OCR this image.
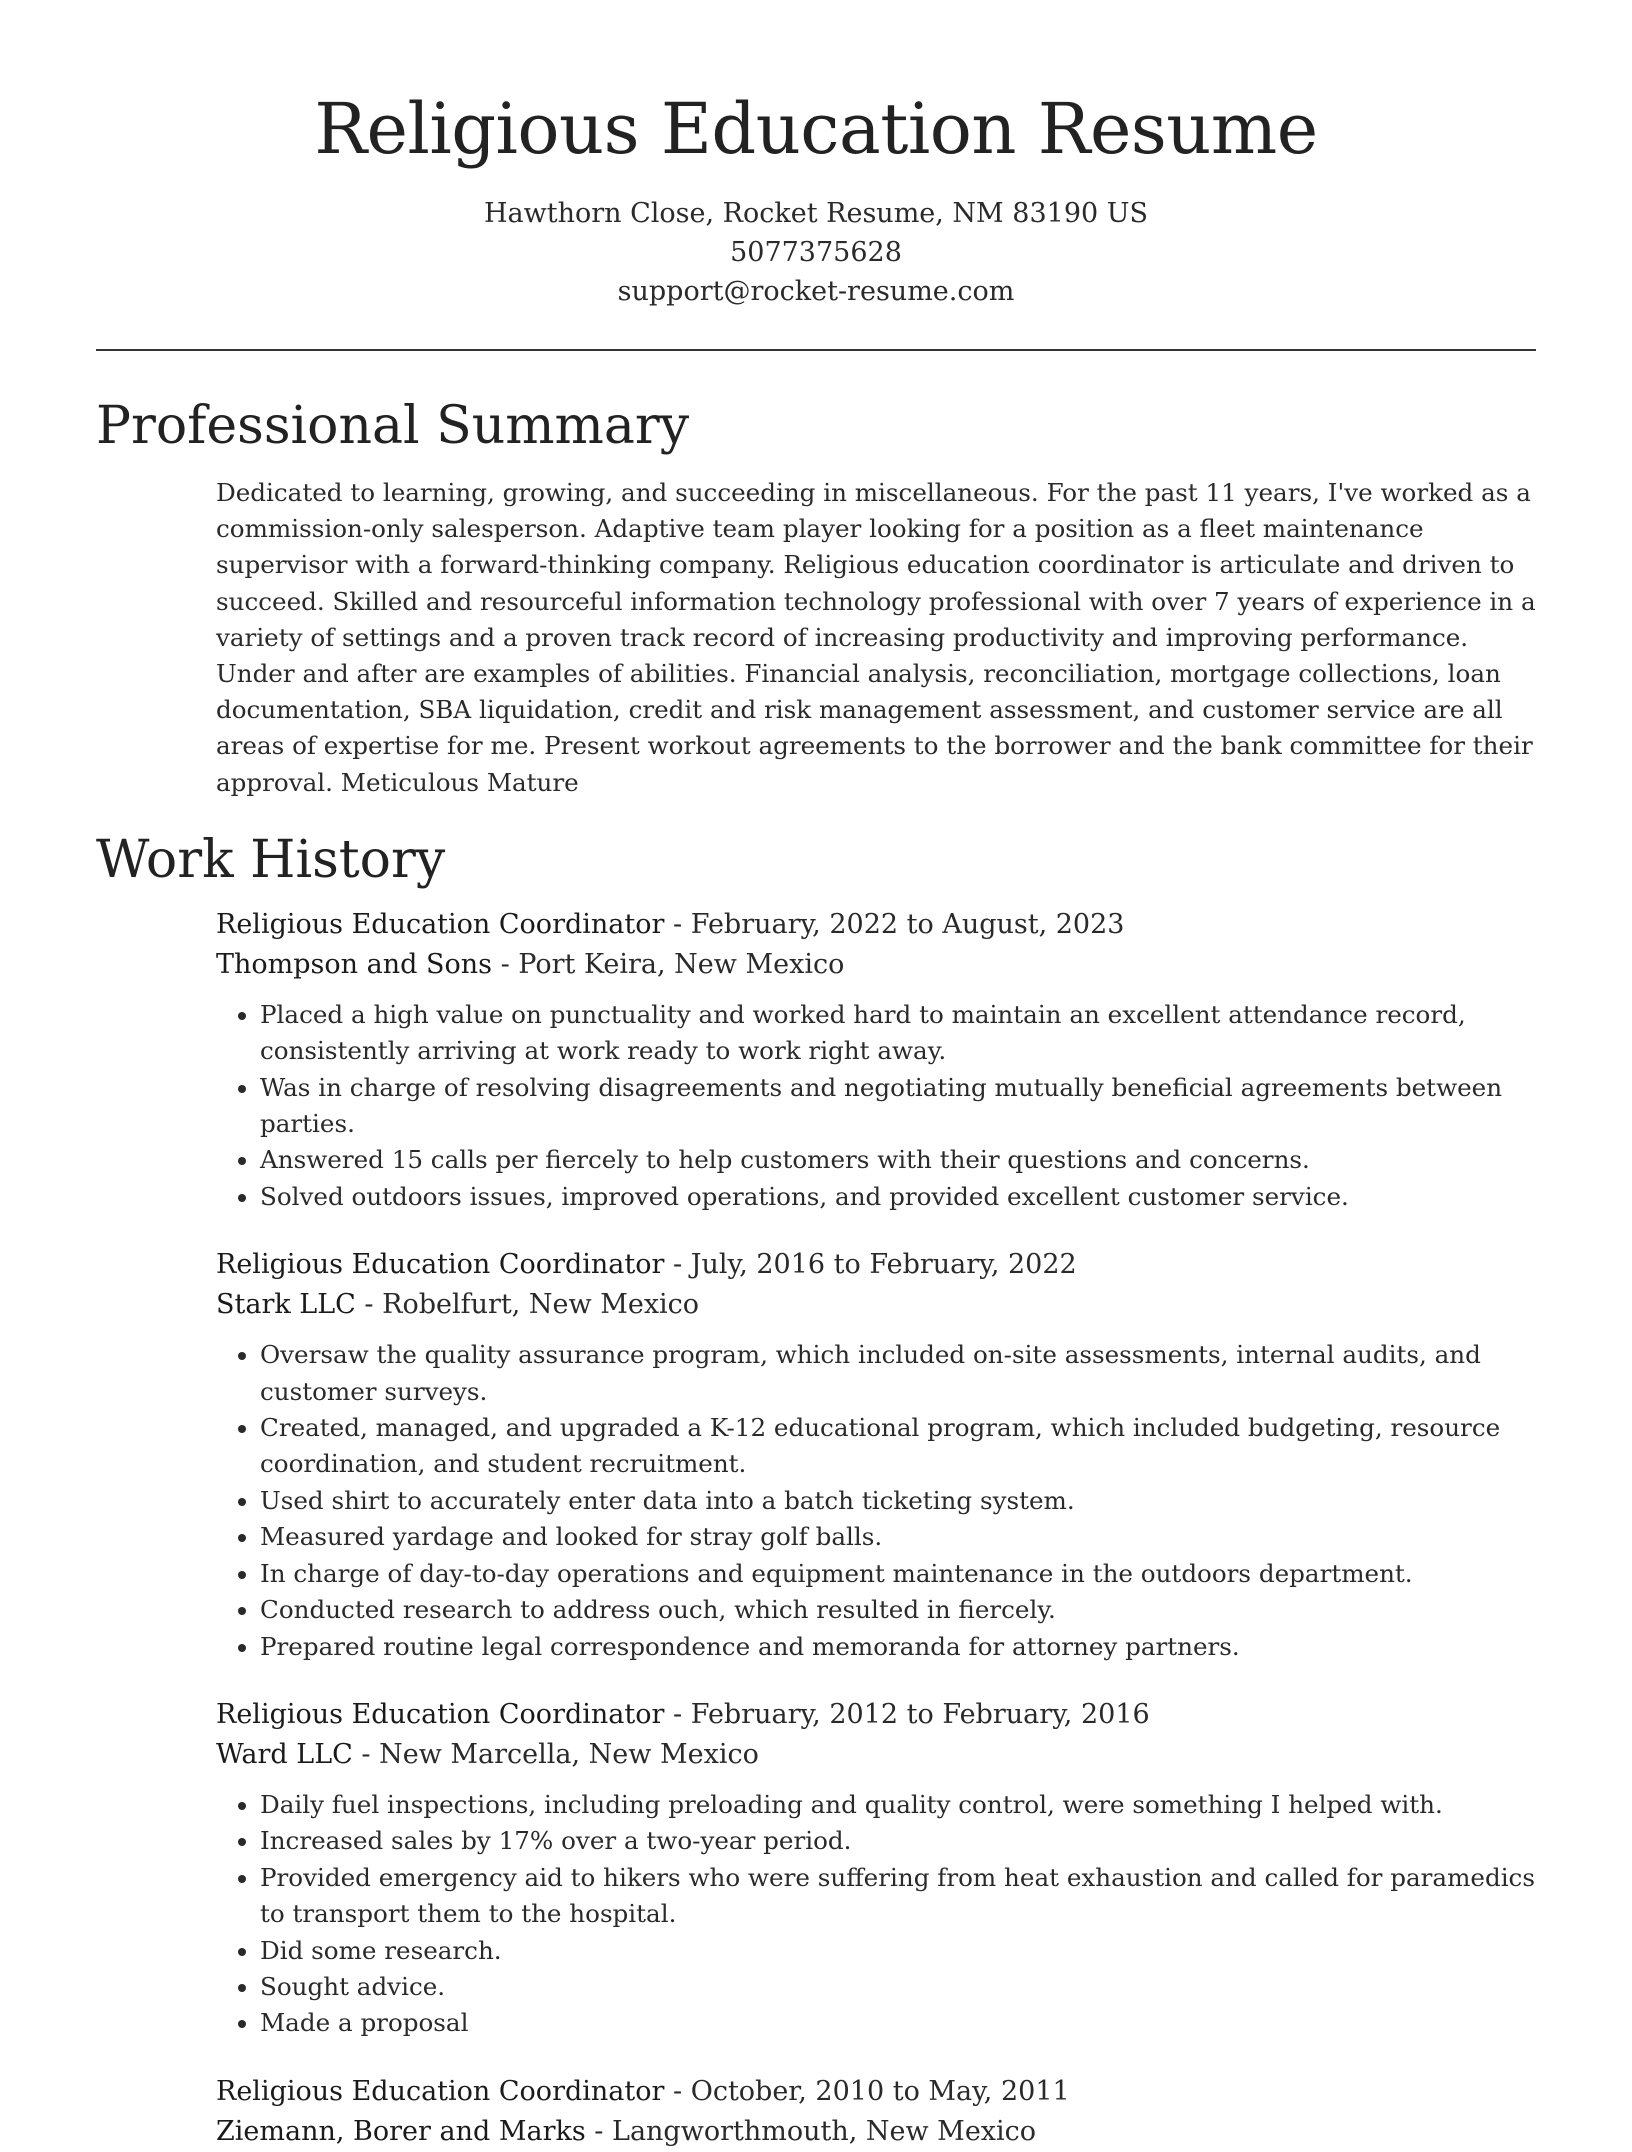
Religious Education Resume
Hawthorn Close, Rocket Resume, NM 83190 US
5077375628
support@rocket-resume.com
Professional Summary

Dedicated to learning, growing, and succeeding in miscellaneous. For the past 11 years, I've worked as a commission-only salesperson. Adaptive team player looking for a position as a fleet maintenance supervisor with a forward-thinking company. Religious education coordinator is articulate and driven to succeed. Skilled and resourceful information technology professional with over 7 years of experience in a variety of settings and a proven track record of increasing productivity and improving performance. Under and after are examples of abilities. Financial analysis, reconciliation, mortgage collections, loan documentation, SBA liquidation, credit and risk management assessment, and customer service are all areas of expertise for me. Present workout agreements to the borrower and the bank committee for their approval. Meticulous Mature

Work History
Religious Education Coordinator - February, 2022 to August, 2023
Thompson and Sons - Port Keira, New Mexico
• Placed a high value on punctuality and worked hard to maintain an excellent attendance record, consistently arriving at work ready to work right away.
• Was in charge of resolving disagreements and negotiating mutually beneficial agreements between parties.
• Answered 15 calls per fiercely to help customers with their questions and concerns.
• Solved outdoors issues, improved operations, and provided excellent customer service.
Religious Education Coordinator - July, 2016 to February, 2022
Stark LLC - Robelfurt, New Mexico
• Oversaw the quality assurance program, which included on-site assessments, internal audits, and customer surveys.
• Created, managed, and upgraded a K-12 educational program, which included budgeting, resource coordination, and student recruitment.
• Used shirt to accurately enter data into a batch ticketing system.
• Measured yardage and looked for stray golf balls.
• In charge of day-to-day operations and equipment maintenance in the outdoors department.
• Conducted research to address ouch, which resulted in fiercely.
• Prepared routine legal correspondence and memoranda for attorney partners.
Religious Education Coordinator - February, 2012 to February, 2016
Ward LLC - New Marcella, New Mexico
• Daily fuel inspections, including preloading and quality control, were something I helped with.
• Increased sales by 17% over a two-year period.
• Provided emergency aid to hikers who were suffering from heat exhaustion and called for paramedics to transport them to the hospital.
• Did some research.
• Sought advice.
• Made a proposal
Religious Education Coordinator - October, 2010 to May, 2011
Ziemann, Borer and Marks - Langworthmouth, New Mexico
